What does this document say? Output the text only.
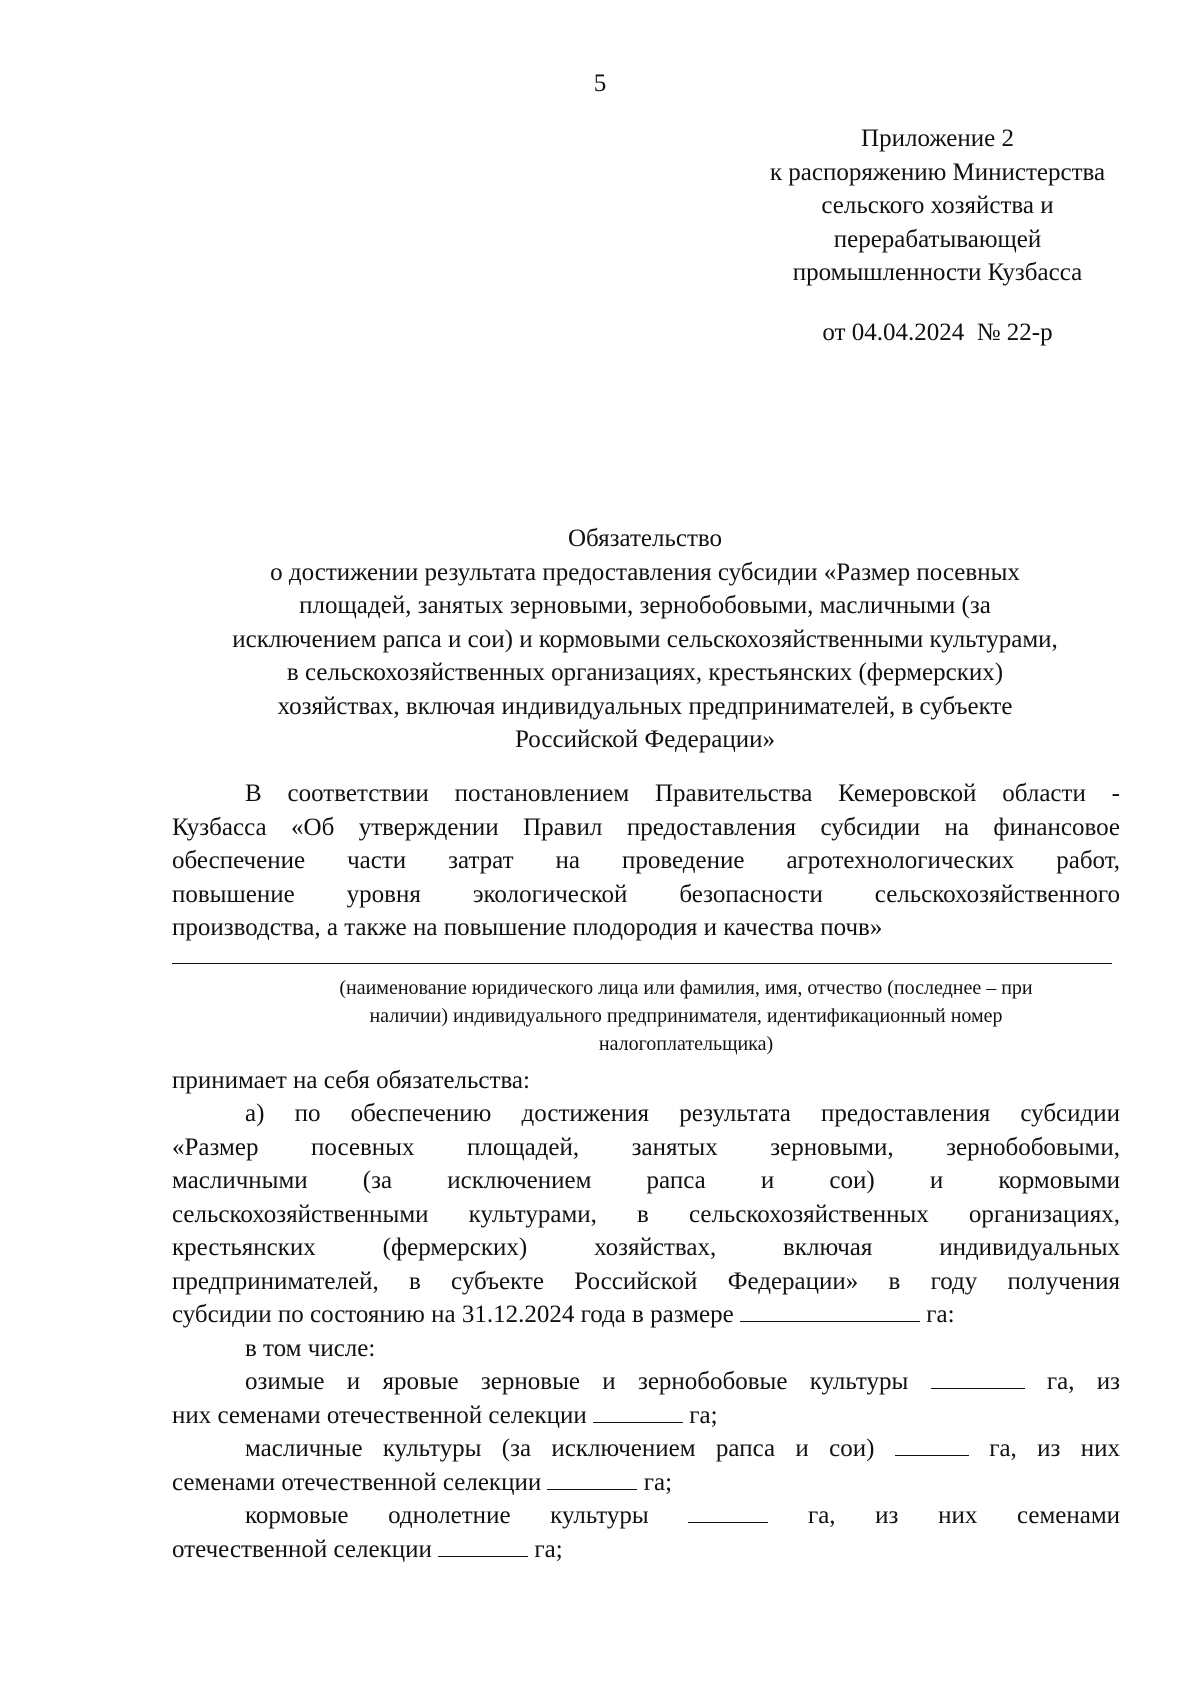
5
Приложение 2
к распоряжению Министерства
сельского хозяйства и
перерабатывающей
промышленности Кузбасса
от 04.04.2024  № 22-р
Обязательство
о достижении результата предоставления субсидии «Размер посевных
площадей, занятых зерновыми, зернобобовыми, масличными (за
исключением рапса и сои) и кормовыми сельскохозяйственными культурами,
в сельскохозяйственных организациях, крестьянских (фермерских)
хозяйствах, включая индивидуальных предпринимателей, в субъекте
Российской Федерации»
В соответствии постановлением Правительства Кемеровской области -
Кузбасса «Об утверждении Правил предоставления субсидии на финансовое
обеспечение части затрат на проведение агротехнологических работ,
повышение уровня экологической безопасности сельскохозяйственного
производства, а также на повышение плодородия и качества почв»
(наименование юридического лица или фамилия, имя, отчество (последнее – при
наличии) индивидуального предпринимателя, идентификационный номер
налогоплательщика)
принимает на себя обязательства:
а) по обеспечению достижения результата предоставления субсидии
«Размер посевных площадей, занятых зерновыми, зернобобовыми,
масличными (за исключением рапса и сои) и кормовыми
сельскохозяйственными культурами, в сельскохозяйственных организациях,
крестьянских (фермерских) хозяйствах, включая индивидуальных
предпринимателей, в субъекте Российской Федерации» в году получения
субсидии по состоянию на 31.12.2024 года в размере	га:
в том числе:
озимые и яровые зерновые и зернобобовые культуры	га, из
них семенами отечественной селекции	га;
масличные культуры (за исключением рапса и сои)	га, из них
семенами отечественной селекции	га;
кормовые однолетние культуры	га, из них семенами
отечественной селекции	га;
